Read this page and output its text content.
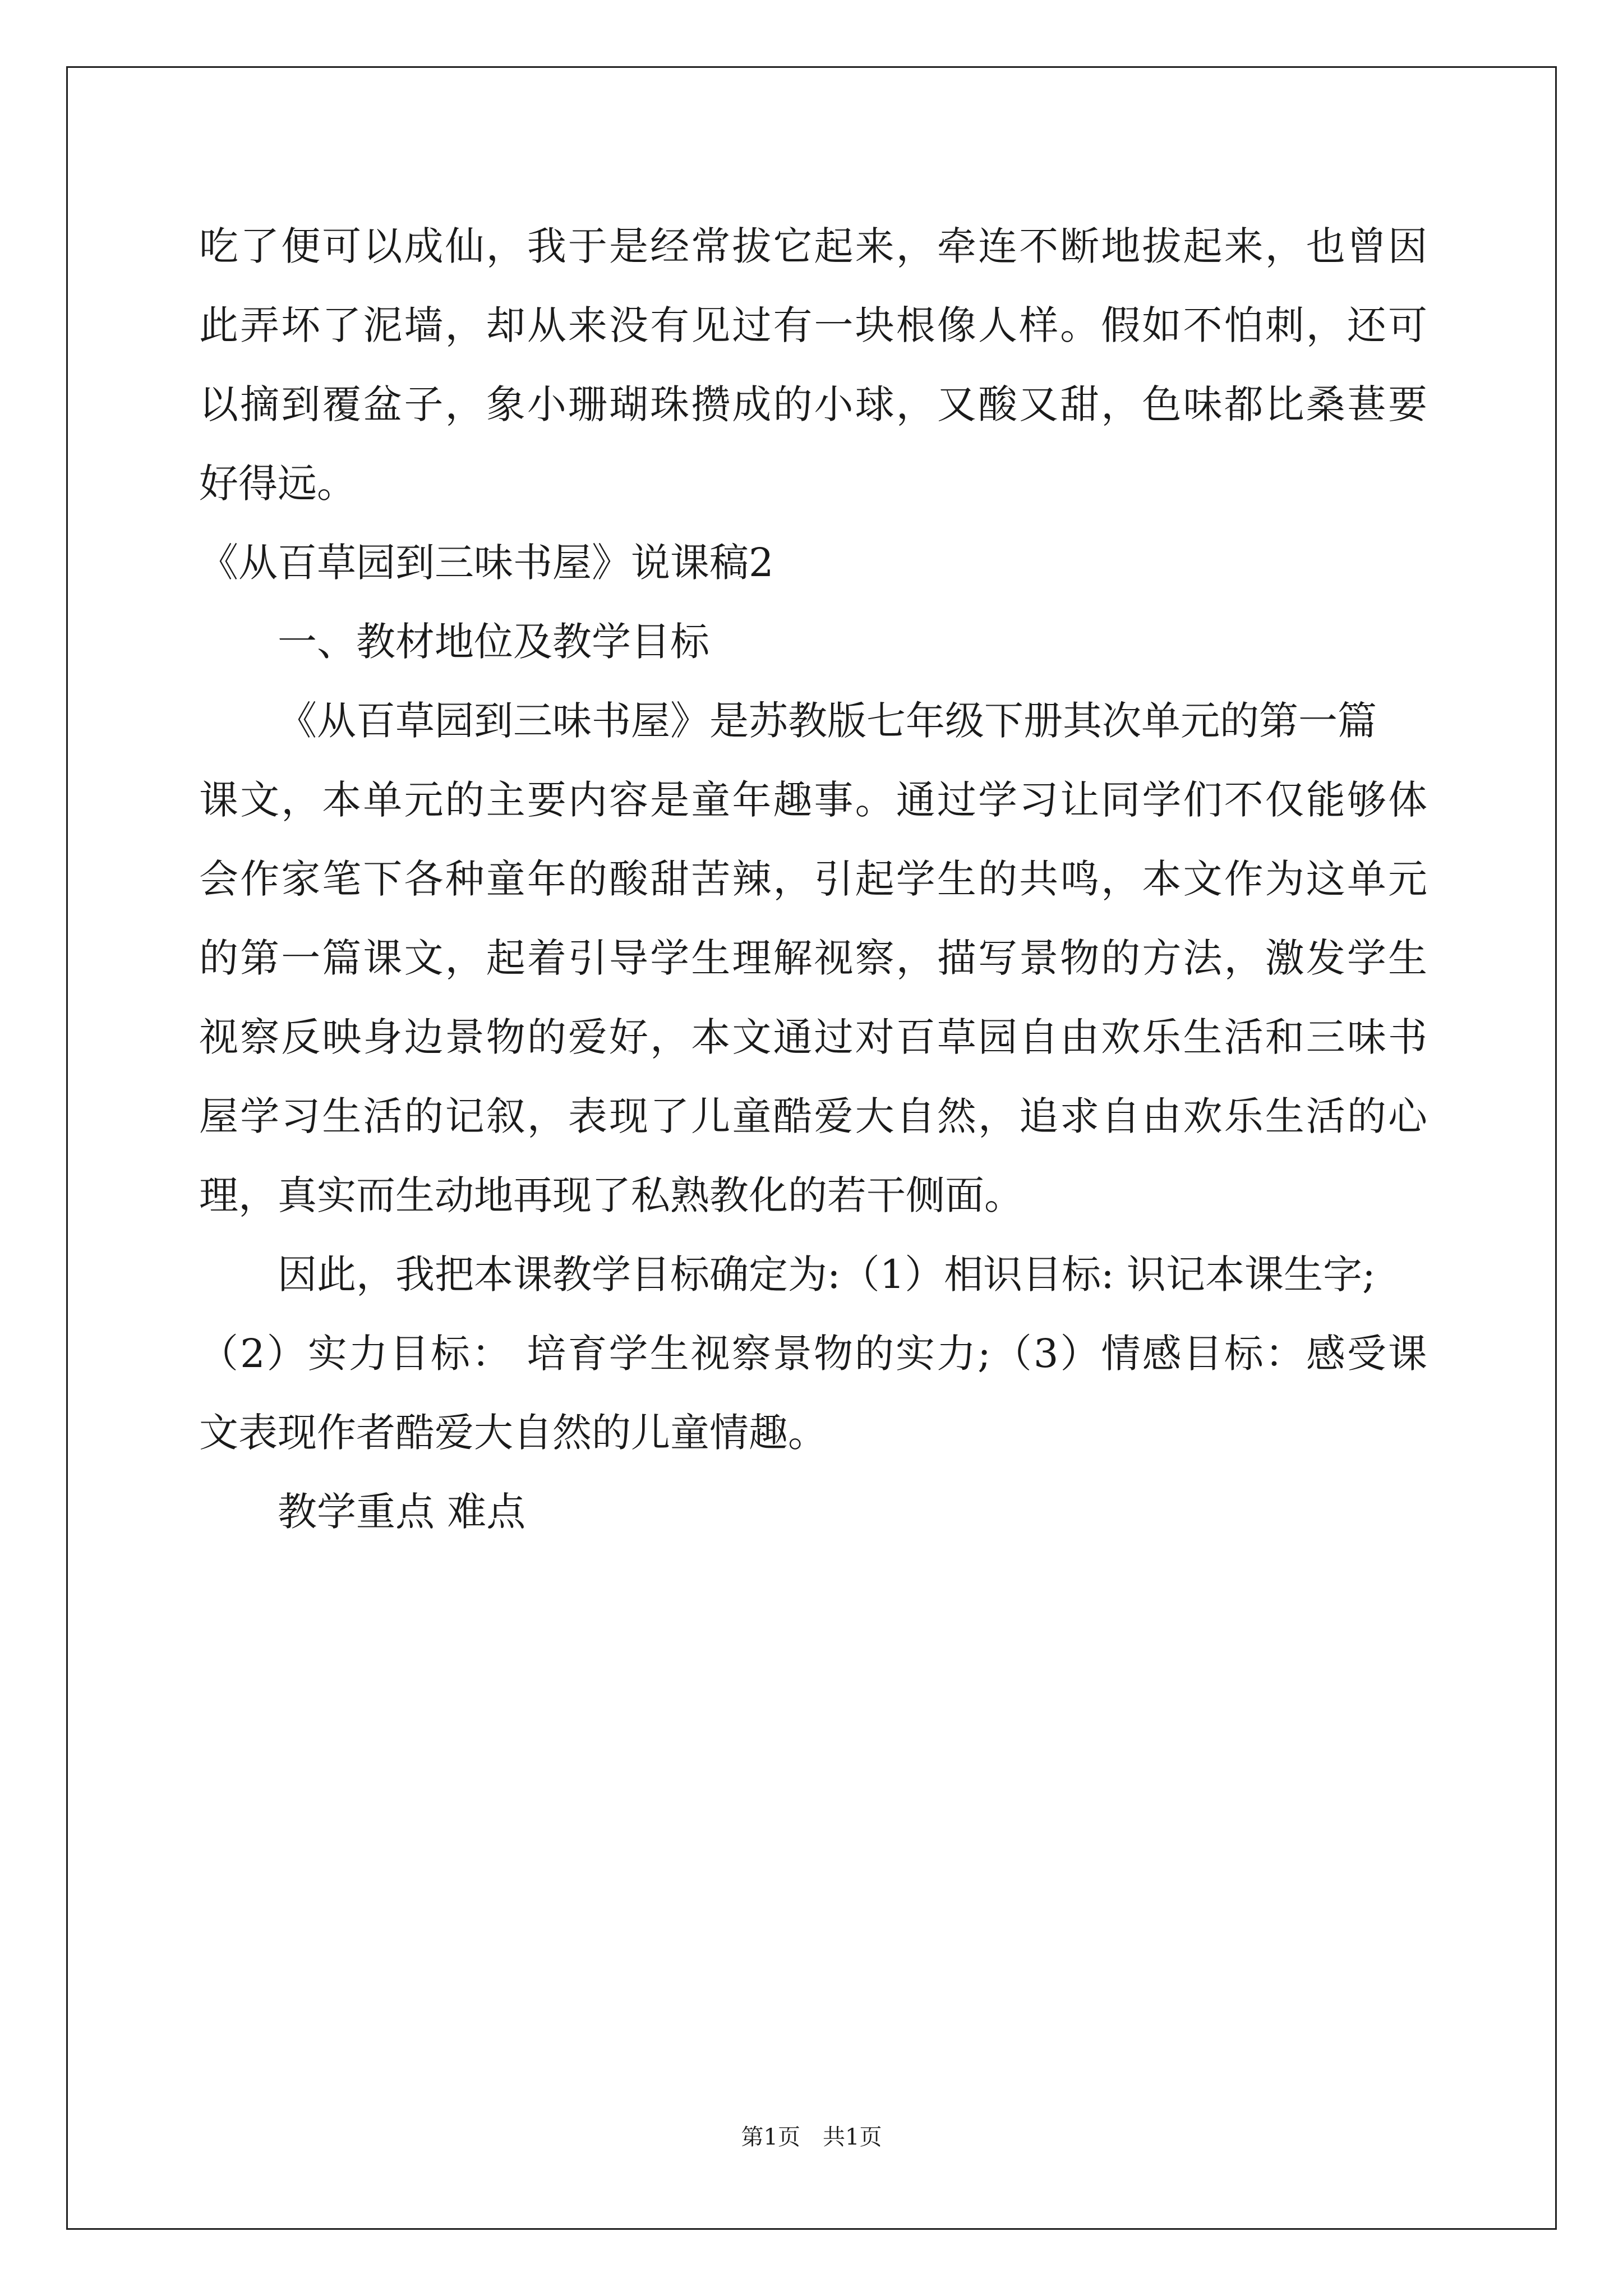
吃了便可以成仙，我于是经常拔它起来，牵连不断地拔起来，也曾因
此弄坏了泥墙，却从来没有见过有一块根像人样。假如不怕刺，还可
以摘到覆盆子，象小珊瑚珠攒成的小球，又酸又甜，色味都比桑葚要
好得远。
《从百草园到三味书屋》说课稿2
一、教材地位及教学目标
《从百草园到三味书屋》是苏教版七年级下册其次单元的第一篇
课文，本单元的主要内容是童年趣事。通过学习让同学们不仅能够体
会作家笔下各种童年的酸甜苦辣，引起学生的共鸣，本文作为这单元
的第一篇课文，起着引导学生理解视察，描写景物的方法，激发学生
视察反映身边景物的爱好，本文通过对百草园自由欢乐生活和三味书
屋学习生活的记叙，表现了儿童酷爱大自然，追求自由欢乐生活的心
理，真实而生动地再现了私熟教化的若干侧面。
因此，我把本课教学目标确定为:（1）相识目标: 识记本课生字;
（2）实力目标： 培育学生视察景物的实力;（3）情感目标：感受课
文表现作者酷爱大自然的儿童情趣。
教学重点 难点
第1页　共1页
